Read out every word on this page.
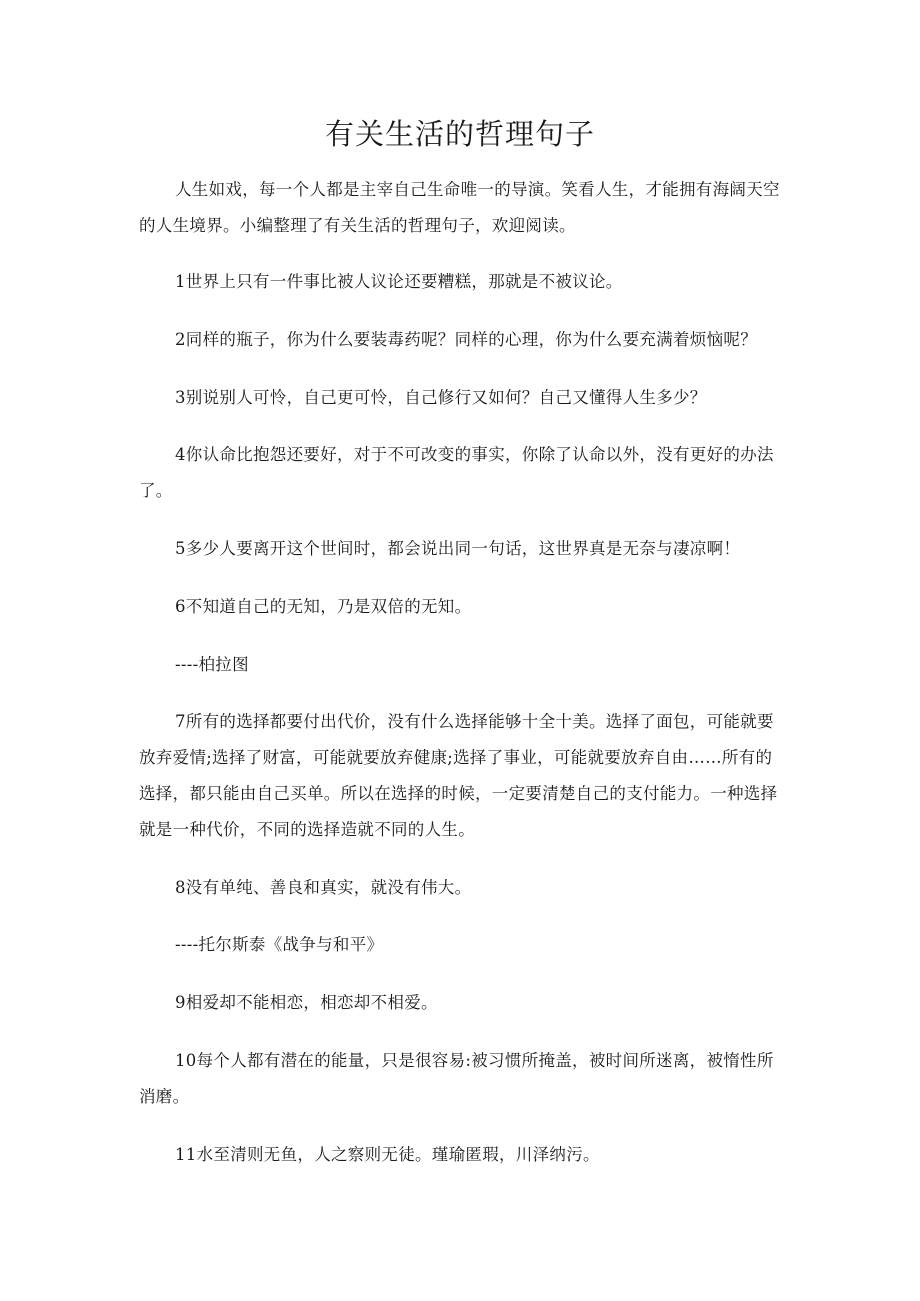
有关生活的哲理句子

人生如戏，每一个人都是主宰自己生命唯一的导演。笑看人生，才能拥有海阔天空的人生境界。小编整理了有关生活的哲理句子，欢迎阅读。

1世界上只有一件事比被人议论还要糟糕，那就是不被议论。

2同样的瓶子，你为什么要装毒药呢？同样的心理，你为什么要充满着烦恼呢？

3别说别人可怜，自己更可怜，自己修行又如何？自己又懂得人生多少？

4你认命比抱怨还要好，对于不可改变的事实，你除了认命以外，没有更好的办法了。

5多少人要离开这个世间时，都会说出同一句话，这世界真是无奈与凄凉啊！

6不知道自己的无知，乃是双倍的无知。

----柏拉图

7所有的选择都要付出代价，没有什么选择能够十全十美。选择了面包，可能就要放弃爱情;选择了财富，可能就要放弃健康;选择了事业，可能就要放弃自由……所有的选择，都只能由自己买单。所以在选择的时候，一定要清楚自己的支付能力。一种选择就是一种代价，不同的选择造就不同的人生。

8没有单纯、善良和真实，就没有伟大。

----托尔斯泰《战争与和平》

9相爱却不能相恋，相恋却不相爱。

10每个人都有潜在的能量，只是很容易:被习惯所掩盖，被时间所迷离，被惰性所消磨。

11水至清则无鱼，人之察则无徒。瑾瑜匿瑕，川泽纳污。
